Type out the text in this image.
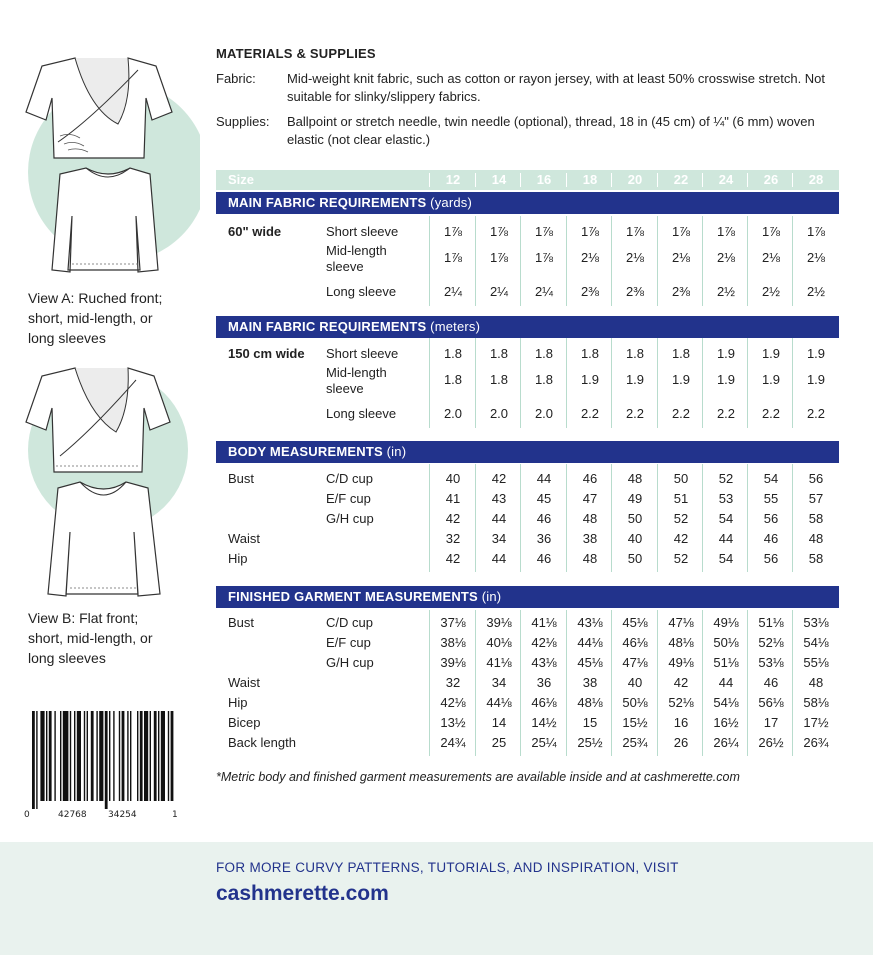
View A: Ruched front;
short, mid-length, or
long sleeves
View B: Flat front;
short, mid-length, or
long sleeves
0	42768 34254	1
MATERIALS & SUPPLIES
Fabric:	Mid-weight knit fabric, such as cotton or rayon jersey, with at least 50% crosswise stretch. Not suitable for slinky/slippery fabrics.
Supplies:	Ballpoint or stretch needle, twin needle (optional), thread, 18 in (45 cm) of ¼" (6 mm) woven elastic (not clear elastic.)
Size	12	14	16	18	20	22	24	26	28
MAIN FABRIC REQUIREMENTS (yards)
60" wide
MAIN FABRIC REQUIREMENTS (meters)
150 cm wide
BODY MEASUREMENTS (in)
FINISHED GARMENT MEASUREMENTS (in)
Short sleeve	1⅞	1⅞	1⅞	1⅞	1⅞	1⅞	1⅞	1⅞	1⅞
Mid-length
sleeve
1⅞	1⅞	1⅞	2⅛	2⅛	2⅛	2⅛	2⅛	2⅛
Long sleeve	2¼	2¼	2¼	2⅜	2⅜	2⅜	2½	2½	2½
Short sleeve	1.8	1.8	1.8	1.8	1.8	1.8	1.9	1.9	1.9
Mid-length
sleeve
1.8	1.8	1.8	1.9	1.9	1.9	1.9	1.9	1.9
Long sleeve	2.0	2.0	2.0	2.2	2.2	2.2	2.2	2.2	2.2
Bust	C/D cup	40	42	44	46	48	50	52	54	56
E/F cup	41	43	45	47	49	51	53	55	57
G/H cup	42	44	46	48	50	52	54	56	58
Waist	32	34	36	38	40	42	44	46	48
Hip	42	44	46	48	50	52	54	56	58
Bust	C/D cup	37⅛	39⅛	41⅛	43⅛	45⅛	47⅛	49⅛	51⅛	53⅛
E/F cup	38⅛	40⅛	42⅛	44⅛	46⅛	48⅛	50⅛	52⅛	54⅛
G/H cup	39⅛	41⅛	43⅛	45⅛	47⅛	49⅛	51⅛	53⅛	55⅛
Waist	32	34	36	38	40	42	44	46	48
Hip	42⅛	44⅛	46⅛	48⅛	50⅛	52⅛	54⅛	56⅛	58⅛
Bicep	13½	14	14½	15	15½	16	16½	17	17½
Back length	24¾	25	25¼	25½	25¾	26	26¼	26½	26¾
*Metric body and finished garment measurements are available inside and at cashmerette.com
FOR MORE CURVY PATTERNS, TUTORIALS, AND INSPIRATION, VISIT
cashmerette.com
